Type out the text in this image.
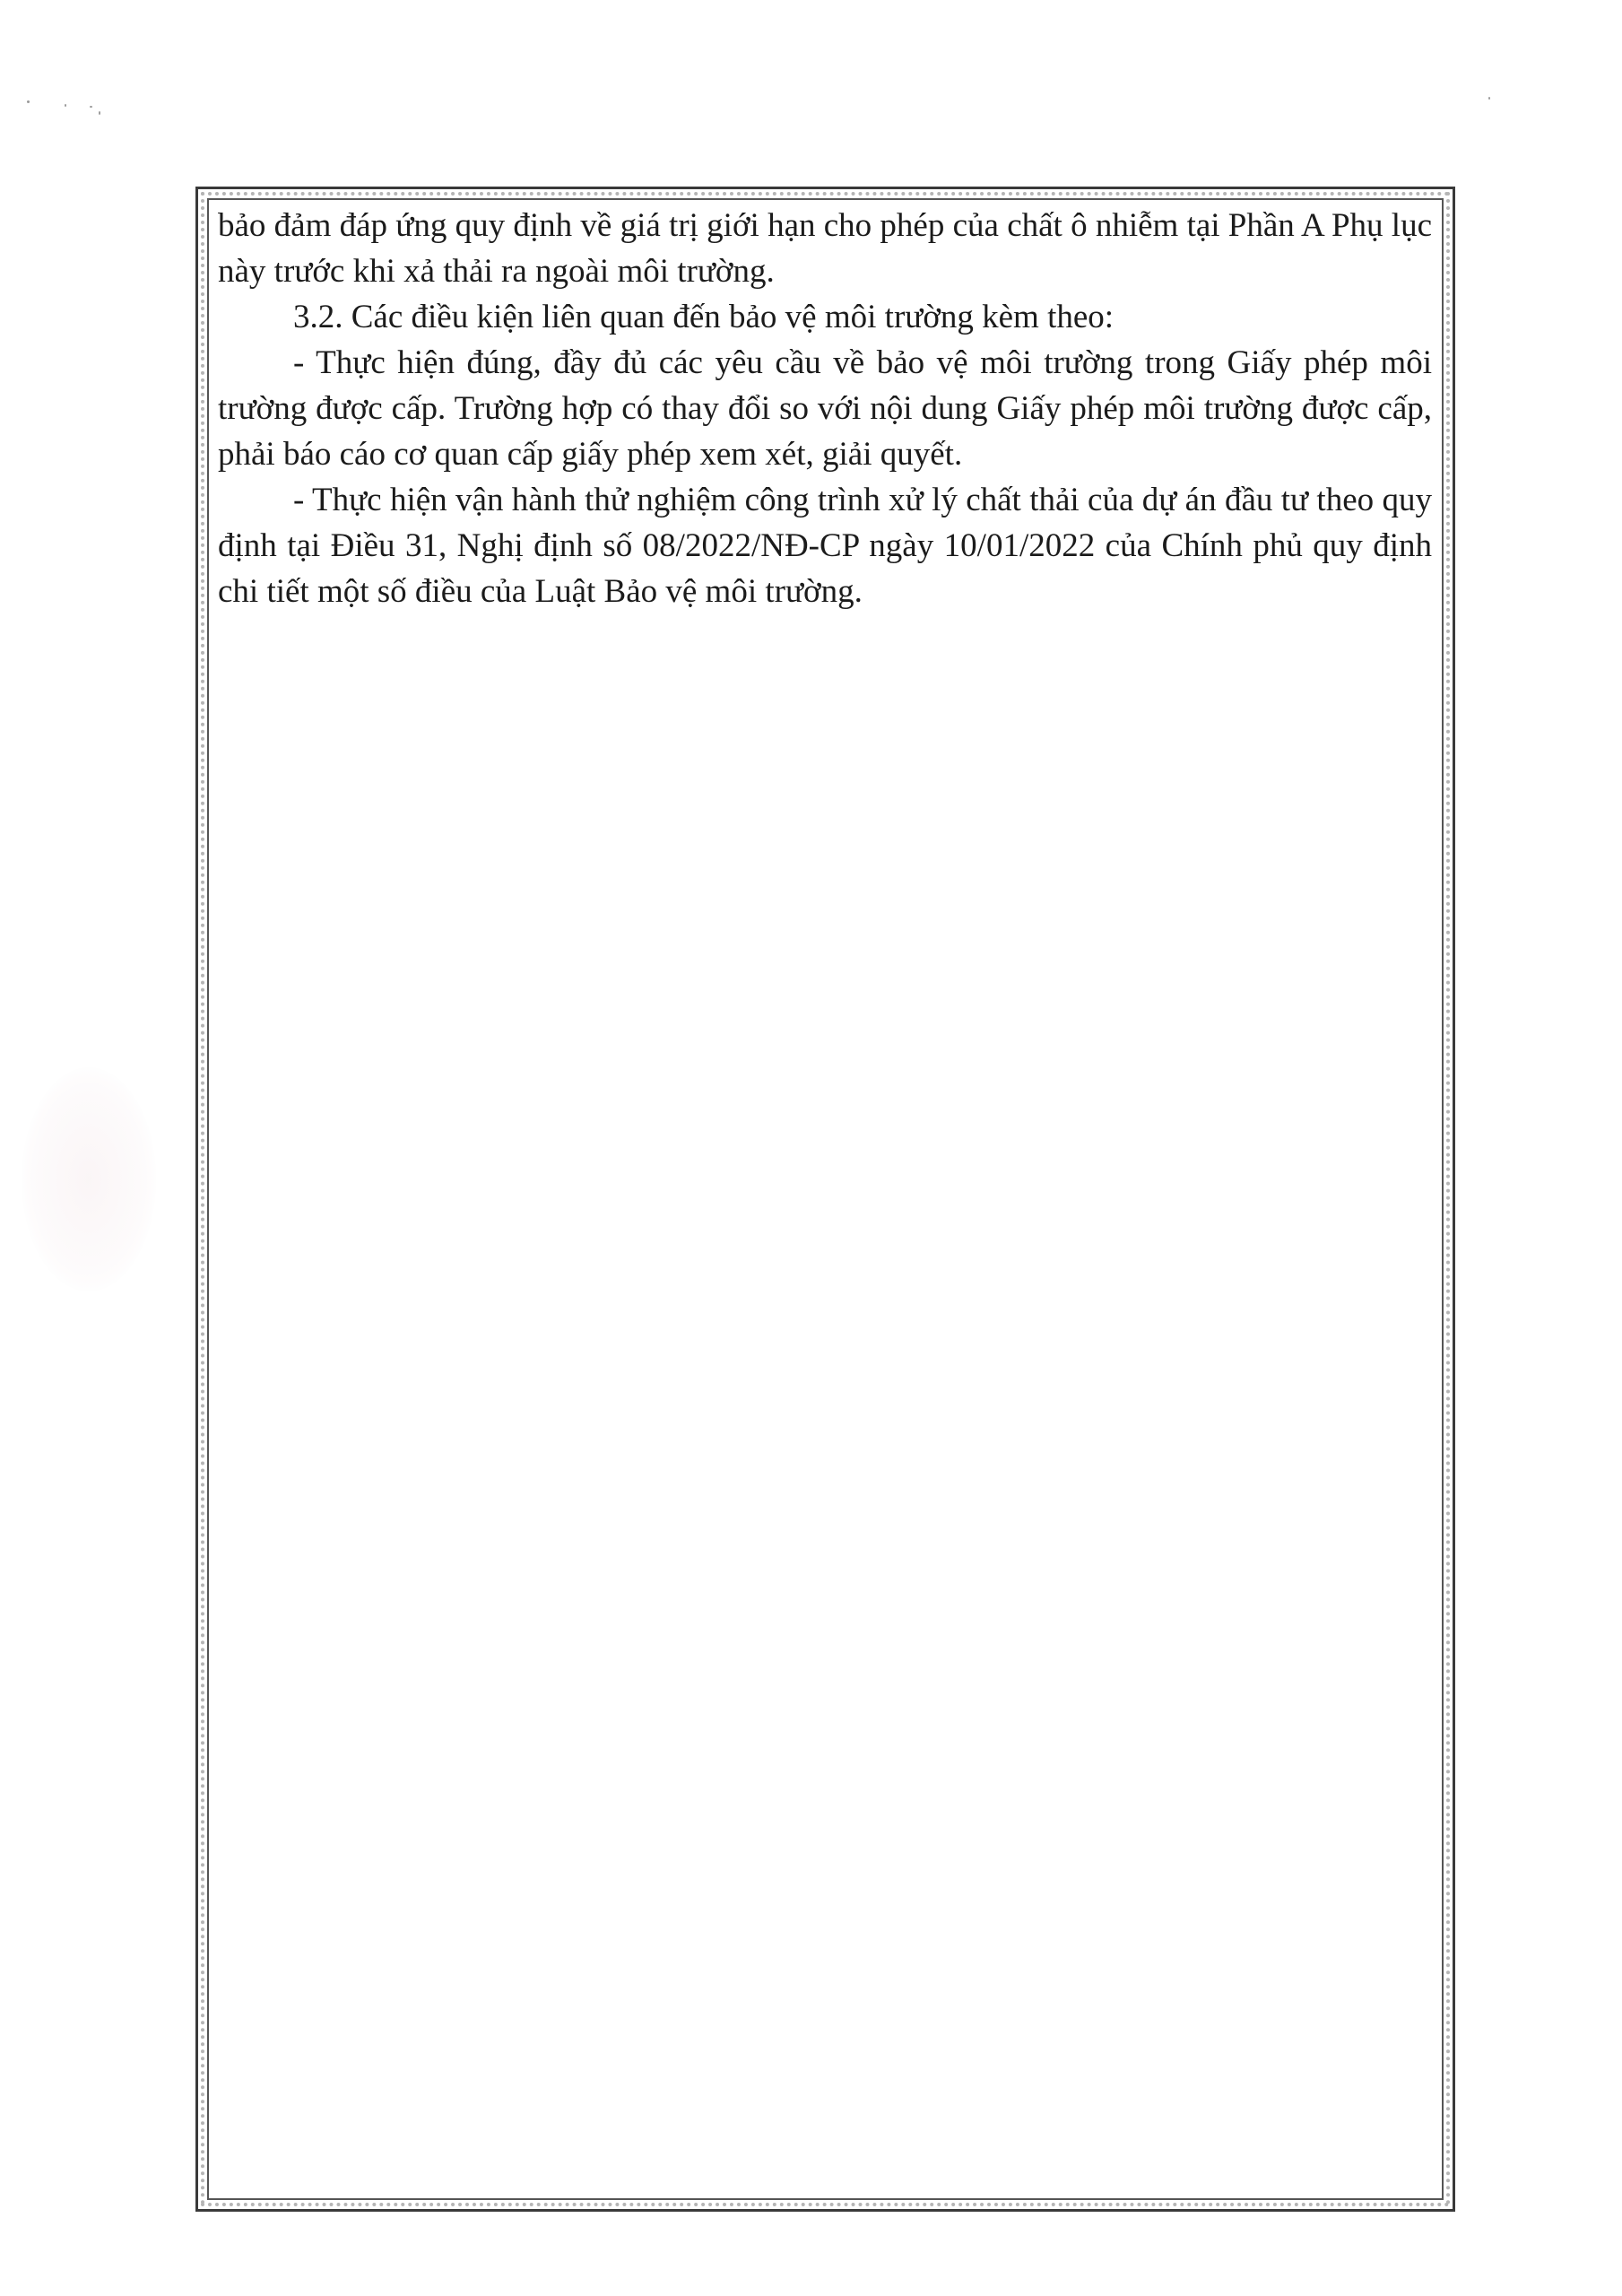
bảo đảm đáp ứng quy định về giá trị giới hạn cho phép của chất ô nhiễm tại Phần A Phụ lục này trước khi xả thải ra ngoài môi trường.

3.2. Các điều kiện liên quan đến bảo vệ môi trường kèm theo:

- Thực hiện đúng, đầy đủ các yêu cầu về bảo vệ môi trường trong Giấy phép môi trường được cấp. Trường hợp có thay đổi so với nội dung Giấy phép môi trường được cấp, phải báo cáo cơ quan cấp giấy phép xem xét, giải quyết.

- Thực hiện vận hành thử nghiệm công trình xử lý chất thải của dự án đầu tư theo quy định tại Điều 31, Nghị định số 08/2022/NĐ-CP ngày 10/01/2022 của Chính phủ quy định chi tiết một số điều của Luật Bảo vệ môi trường.
